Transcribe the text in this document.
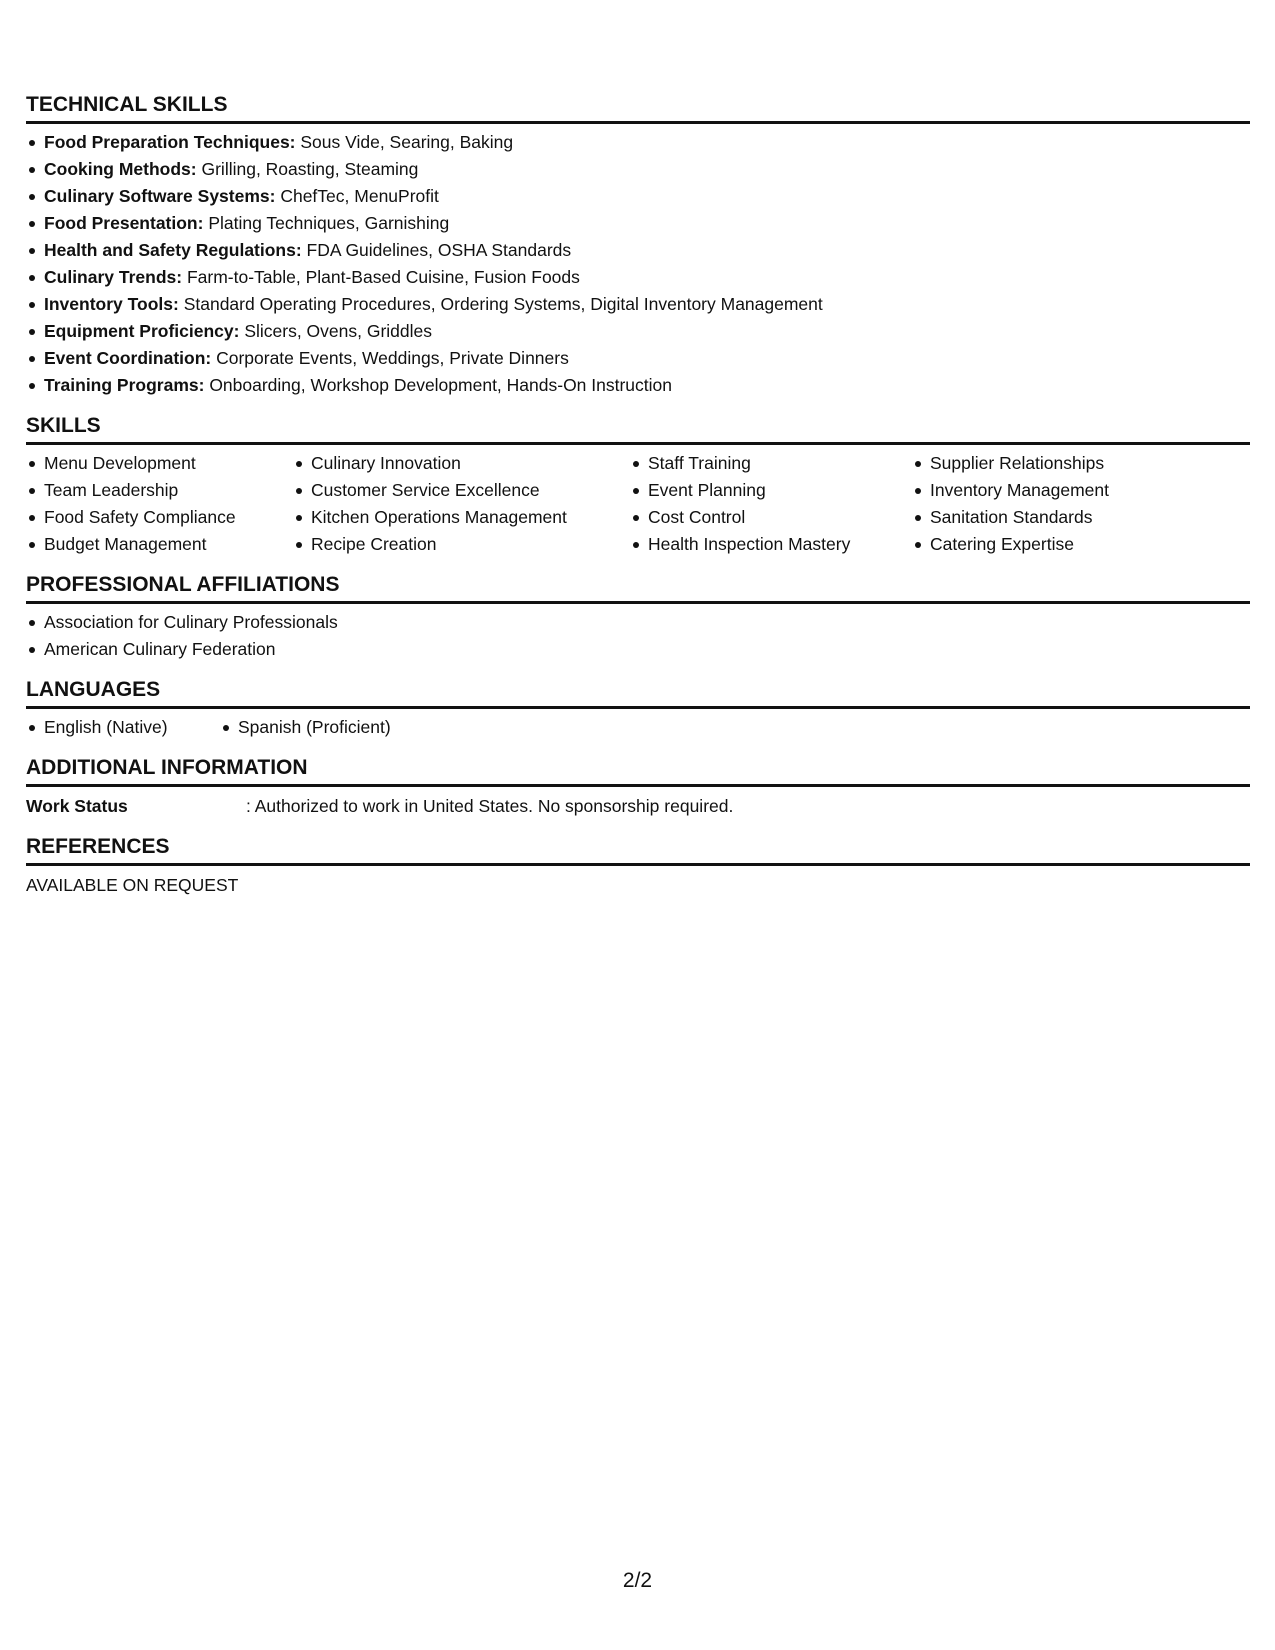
TECHNICAL SKILLS
Food Preparation Techniques: Sous Vide, Searing, Baking
Cooking Methods: Grilling, Roasting, Steaming
Culinary Software Systems: ChefTec, MenuProfit
Food Presentation: Plating Techniques, Garnishing
Health and Safety Regulations: FDA Guidelines, OSHA Standards
Culinary Trends: Farm-to-Table, Plant-Based Cuisine, Fusion Foods
Inventory Tools: Standard Operating Procedures, Ordering Systems, Digital Inventory Management
Equipment Proficiency: Slicers, Ovens, Griddles
Event Coordination: Corporate Events, Weddings, Private Dinners
Training Programs: Onboarding, Workshop Development, Hands-On Instruction
SKILLS
Menu Development
Team Leadership
Food Safety Compliance
Budget Management
Culinary Innovation
Customer Service Excellence
Kitchen Operations Management
Recipe Creation
Staff Training
Event Planning
Cost Control
Health Inspection Mastery
Supplier Relationships
Inventory Management
Sanitation Standards
Catering Expertise
PROFESSIONAL AFFILIATIONS
Association for Culinary Professionals
American Culinary Federation
LANGUAGES
English (Native)	Spanish (Proficient)
ADDITIONAL INFORMATION
Work Status	: Authorized to work in United States. No sponsorship required.
REFERENCES
AVAILABLE ON REQUEST
2/2
